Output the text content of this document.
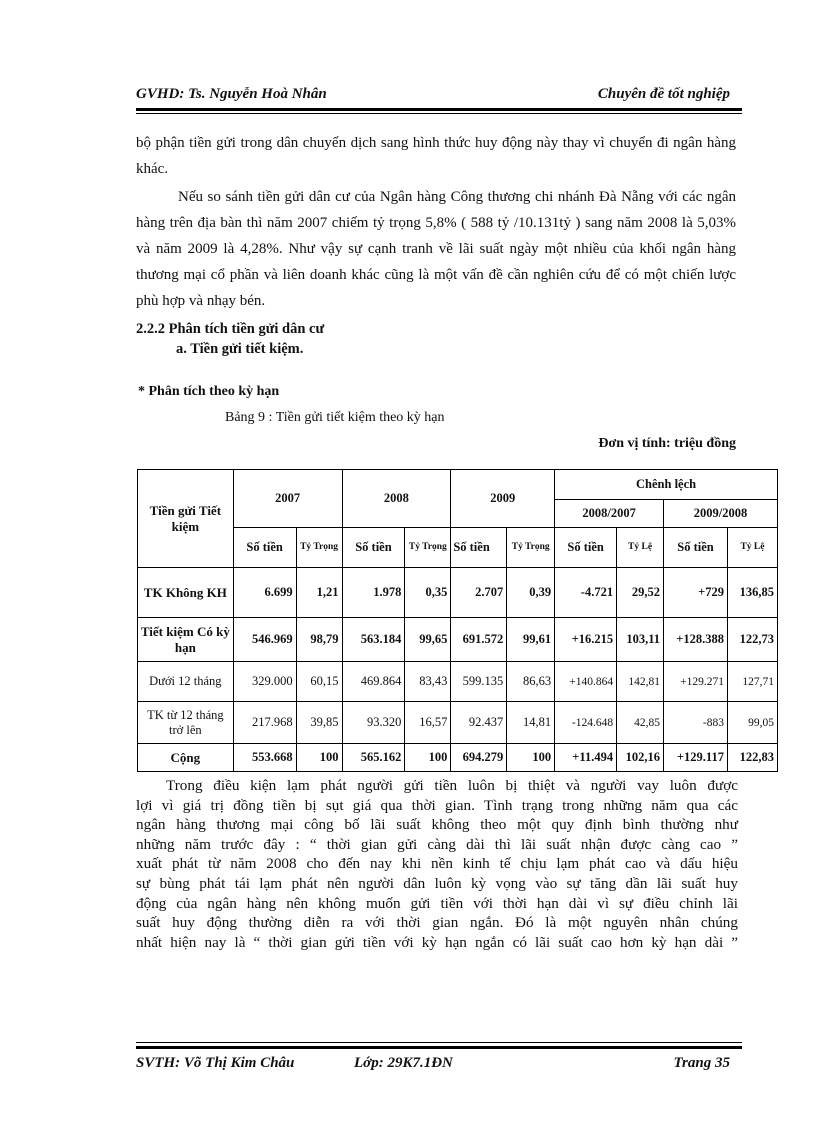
GVHD: Ts. Nguyễn Hoà Nhân	Chuyên đề tốt nghiệp

bộ phận tiền gửi trong dân chuyển dịch sang hình thức huy động này thay vì chuyển đi ngân hàng khác.

Nếu so sánh tiền gửi dân cư của Ngân hàng Công thương chi nhánh Đà Nẵng với các ngân hàng trên địa bàn thì năm 2007 chiếm tỷ trọng 5,8% ( 588 tỷ /10.131tỷ ) sang năm 2008 là 5,03% và năm 2009 là 4,28%. Như vậy sự cạnh tranh về lãi suất ngày một nhiều của khối ngân hàng thương mại cổ phần và liên doanh khác cũng là một vấn đề cần nghiên cứu để có một chiến lược phù hợp và nhạy bén.

2.2.2 Phân tích tiền gửi dân cư
a. Tiền gửi tiết kiệm.
* Phân tích theo kỳ hạn
Bảng 9 : Tiền gửi tiết kiệm theo kỳ hạn
Đơn vị tính: triệu đồng
Tiền gửi Tiết kiệm	2007		2008		2009		Chênh lệch			
							2008/2007		2009/2008	
	Số tiền	Tỷ Trọng	Số tiền	Tỷ Trọng	Số tiền	Tỷ Trọng	Số tiền	Tỷ Lệ	Số tiền	Tỷ Lệ
TK Không KH	6.699	1,21	1.978	0,35	2.707	0,39	-4.721	29,52	+729	136,85
Tiết kiệm Có kỳ hạn	546.969	98,79	563.184	99,65	691.572	99,61	+16.215	103,11	+128.388	122,73
Dưới 12 tháng	329.000	60,15	469.864	83,43	599.135	86,63	+140.864	142,81	+129.271	127,71
TK từ 12 tháng trở lên	217.968	39,85	93.320	16,57	92.437	14,81	-124.648	42,85	-883	99,05
Cộng	553.668	100	565.162	100	694.279	100	+11.494	102,16	+129.117	122,83
Trong điều kiện lạm phát người gửi tiền luôn bị thiệt và người vay luôn được
lợi vì giá trị đồng tiền bị sụt giá qua thời gian. Tình trạng trong những năm qua các
ngân hàng thương mại công bố lãi suất không theo một quy định bình thường như
những năm trước đây : “ thời gian gửi càng dài thì lãi suất nhận được càng cao ”
xuất phát từ năm 2008 cho đến nay khi nền kinh tế chịu lạm phát cao và dấu hiệu
sự bùng phát tái lạm phát nên người dân luôn kỳ vọng vào sự tăng dần lãi suất huy
động của ngân hàng nên không muốn gửi tiền với thời hạn dài vì sự điều chỉnh lãi
suất huy động thường diễn ra với thời gian ngắn. Đó là một nguyên nhân chúng
nhất hiện nay là “ thời gian gửi tiền với kỳ hạn ngắn có lãi suất cao hơn kỳ hạn dài ”
SVTH: Võ Thị Kim Châu	Lớp: 29K7.1ĐN	Trang 35
